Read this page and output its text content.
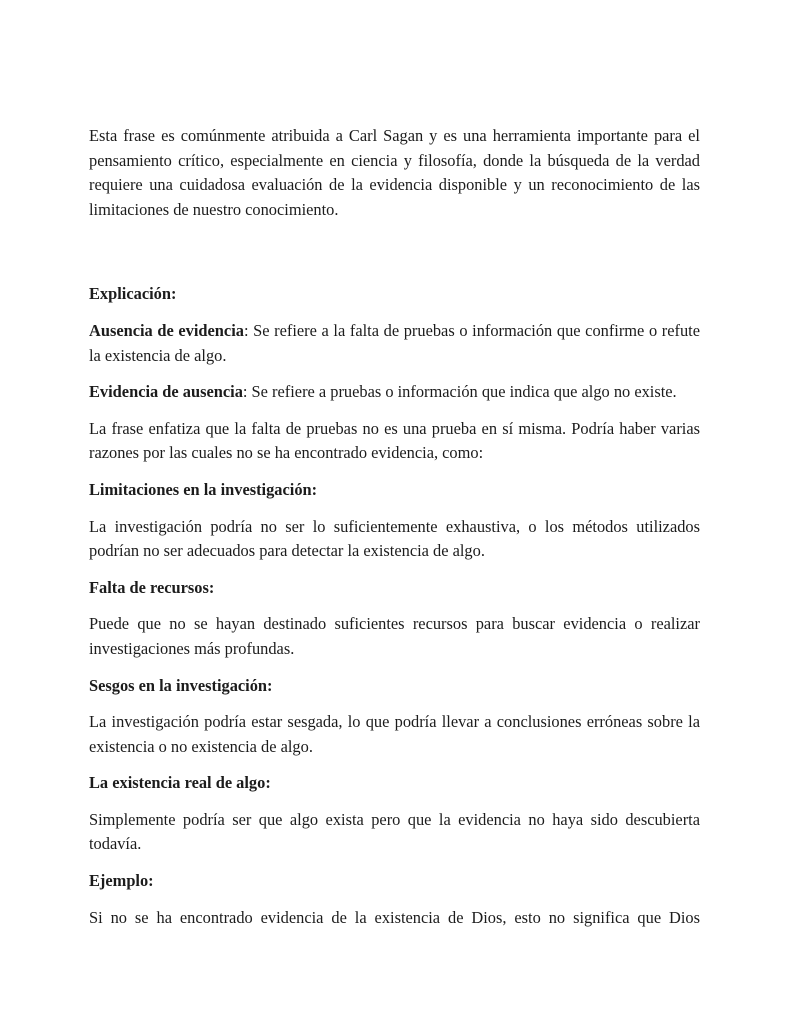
Esta frase es comúnmente atribuida a Carl Sagan y es una herramienta importante para el pensamiento crítico, especialmente en ciencia y filosofía, donde la búsqueda de la verdad requiere una cuidadosa evaluación de la evidencia disponible y un reconocimiento de las limitaciones de nuestro conocimiento.

Explicación:

Ausencia de evidencia: Se refiere a la falta de pruebas o información que confirme o refute la existencia de algo.

Evidencia de ausencia: Se refiere a pruebas o información que indica que algo no existe.

La frase enfatiza que la falta de pruebas no es una prueba en sí misma. Podría haber varias razones por las cuales no se ha encontrado evidencia, como:

Limitaciones en la investigación:

La investigación podría no ser lo suficientemente exhaustiva, o los métodos utilizados podrían no ser adecuados para detectar la existencia de algo.

Falta de recursos:

Puede que no se hayan destinado suficientes recursos para buscar evidencia o realizar investigaciones más profundas.

Sesgos en la investigación:

La investigación podría estar sesgada, lo que podría llevar a conclusiones erróneas sobre la existencia o no existencia de algo.

La existencia real de algo:

Simplemente podría ser que algo exista pero que la evidencia no haya sido descubierta todavía.

Ejemplo:

Si no se ha encontrado evidencia de la existencia de Dios, esto no significa que Dios
